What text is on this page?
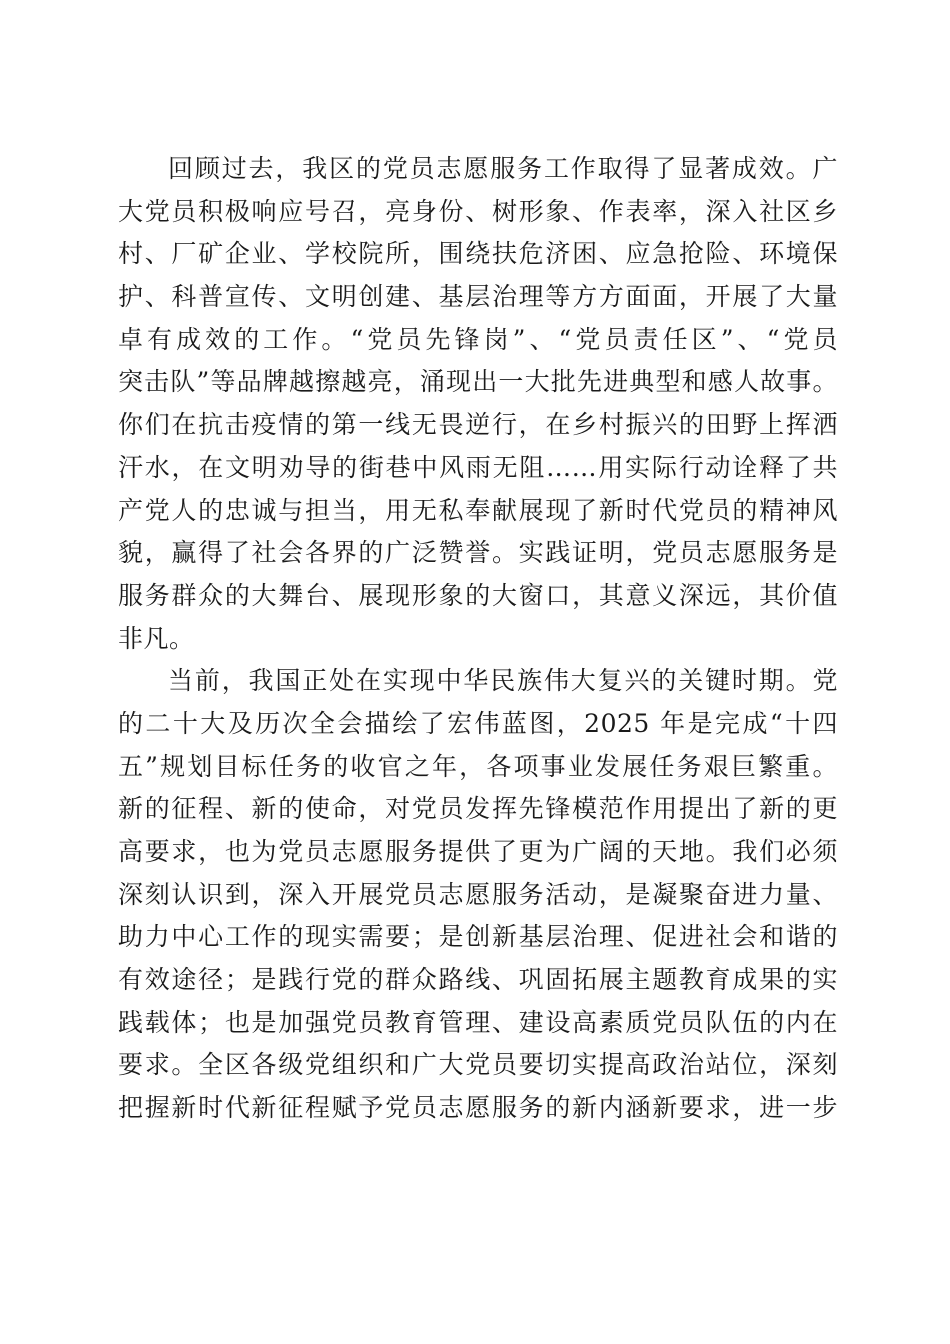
回顾过去，我区的党员志愿服务工作取得了显著成效。广
大党员积极响应号召，亮身份、树形象、作表率，深入社区乡
村、厂矿企业、学校院所，围绕扶危济困、应急抢险、环境保
护、科普宣传、文明创建、基层治理等方方面面，开展了大量
卓有成效的工作。“党员先锋岗”、“党员责任区”、“党员
突击队”等品牌越擦越亮，涌现出一大批先进典型和感人故事。
你们在抗击疫情的第一线无畏逆行，在乡村振兴的田野上挥洒
汗水，在文明劝导的街巷中风雨无阻……用实际行动诠释了共
产党人的忠诚与担当，用无私奉献展现了新时代党员的精神风
貌，赢得了社会各界的广泛赞誉。实践证明，党员志愿服务是
服务群众的大舞台、展现形象的大窗口，其意义深远，其价值
非凡。
当前，我国正处在实现中华民族伟大复兴的关键时期。党
的二十大及历次全会描绘了宏伟蓝图，2025 年是完成“十四
五”规划目标任务的收官之年，各项事业发展任务艰巨繁重。
新的征程、新的使命，对党员发挥先锋模范作用提出了新的更
高要求，也为党员志愿服务提供了更为广阔的天地。我们必须
深刻认识到，深入开展党员志愿服务活动，是凝聚奋进力量、
助力中心工作的现实需要；是创新基层治理、促进社会和谐的
有效途径；是践行党的群众路线、巩固拓展主题教育成果的实
践载体；也是加强党员教育管理、建设高素质党员队伍的内在
要求。全区各级党组织和广大党员要切实提高政治站位，深刻
把握新时代新征程赋予党员志愿服务的新内涵新要求，进一步
